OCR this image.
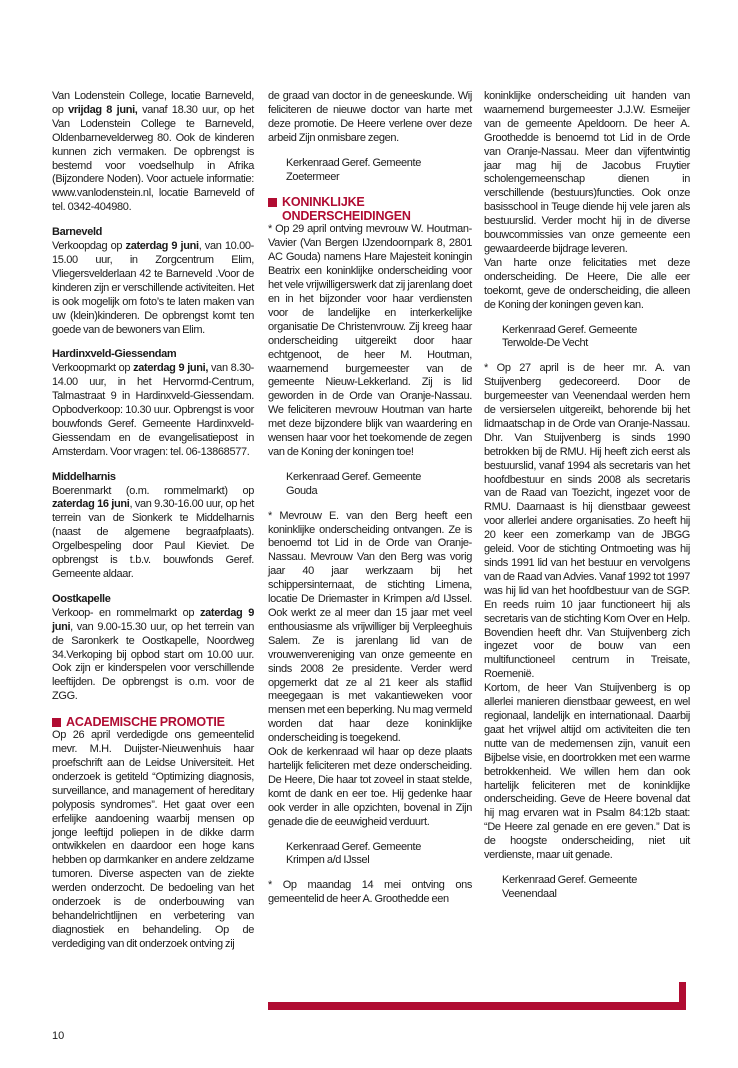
Van Lodenstein College, locatie Barneveld, op vrijdag 8 juni, vanaf 18.30 uur, op het Van Lodenstein College te Barneveld, Oldenbarnevelderweg 80. Ook de kinderen kunnen zich vermaken. De opbrengst is bestemd voor voedselhulp in Afrika (Bijzondere Noden). Voor actuele informatie: www.vanlodenstein.nl, locatie Barneveld of tel. 0342-404980.

Barneveld

Verkoopdag op zaterdag 9 juni, van 10.00-15.00 uur, in Zorgcentrum Elim, Vliegersvelderlaan 42 te Barneveld .Voor de kinderen zijn er verschillende activiteiten. Het is ook mogelijk om foto’s te laten maken van uw (klein)kinderen. De opbrengst komt ten goede van de bewoners van Elim.

Hardinxveld-Giessendam

Verkoopmarkt op zaterdag 9 juni, van 8.30-14.00 uur, in het Hervormd-Centrum, Talmastraat 9 in Hardinxveld-Giessendam. Opbodverkoop: 10.30 uur. Opbrengst is voor bouwfonds Geref. Gemeente Hardinxveld-Giessendam en de evangelisatiepost in Amsterdam. Voor vragen: tel. 06-13868577.

Middelharnis

Boerenmarkt (o.m. rommelmarkt) op zaterdag 16 juni, van 9.30-16.00 uur, op het terrein van de Sionkerk te Middelharnis (naast de algemene begraafplaats). Orgelbespeling door Paul Kieviet. De opbrengst is t.b.v. bouwfonds Geref. Gemeente aldaar.

Oostkapelle

Verkoop- en rommelmarkt op zaterdag 9 juni, van 9.00-15.30 uur, op het terrein van de Saronkerk te Oostkapelle, Noordweg 34.Verkoping bij opbod start om 10.00 uur. Ook zijn er kinderspelen voor verschillende leeftijden. De opbrengst is o.m. voor de ZGG.

ACADEMISCHE PROMOTIE

Op 26 april verdedigde ons gemeentelid mevr. M.H. Duijster-Nieuwenhuis haar proefschrift aan de Leidse Universiteit. Het onderzoek is getiteld “Optimizing diagnosis, surveillance, and management of hereditary polyposis syndromes”. Het gaat over een erfelijke aandoening waarbij mensen op jonge leeftijd poliepen in de dikke darm ontwikkelen en daardoor een hoge kans hebben op darmkanker en andere zeldzame tumoren. Diverse aspecten van de ziekte werden onderzocht. De bedoeling van het onderzoek is de onderbouwing van behandelrichtlijnen en verbetering van diagnostiek en behandeling. Op de verdediging van dit onderzoek ontving zij

de graad van doctor in de geneeskunde. Wij feliciteren de nieuwe doctor van harte met deze promotie. De Heere verlene over deze arbeid Zijn onmisbare zegen.

Kerkenraad Geref. Gemeente
Zoetermeer

KONINKLIJKE
ONDERSCHEIDINGEN

* Op 29 april ontving mevrouw W. Houtman-Vavier (Van Bergen IJzendoornpark 8, 2801 AC Gouda) namens Hare Majesteit koningin Beatrix een koninklijke onderscheiding voor het vele vrijwilligerswerk dat zij jarenlang doet en in het bijzonder voor haar verdiensten voor de landelijke en interkerkelijke organisatie De Christenvrouw. Zij kreeg haar onderscheiding uitgereikt door haar echtgenoot, de heer M. Houtman, waarnemend burgemeester van de gemeente Nieuw-Lekkerland. Zij is lid geworden in de Orde van Oranje-Nassau. We feliciteren mevrouw Houtman van harte met deze bijzondere blijk van waardering en wensen haar voor het toekomende de zegen van de Koning der koningen toe!

Kerkenraad Geref. Gemeente
Gouda

* Mevrouw E. van den Berg heeft een koninklijke onderscheiding ontvangen. Ze is benoemd tot Lid in de Orde van Oranje-Nassau. Mevrouw Van den Berg was vorig jaar 40 jaar werkzaam bij het schippersinternaat, de stichting Limena, locatie De Driemaster in Krimpen a/d IJssel. Ook werkt ze al meer dan 15 jaar met veel enthousiasme als vrijwilliger bij Verpleeghuis Salem. Ze is jarenlang lid van de vrouwenvereniging van onze gemeente en sinds 2008 2e presidente. Verder werd opgemerkt dat ze al 21 keer als staflid meegegaan is met vakantieweken voor mensen met een beperking. Nu mag vermeld worden dat haar deze koninklijke onderscheiding is toegekend.

Ook de kerkenraad wil haar op deze plaats hartelijk feliciteren met deze onderscheiding. De Heere, Die haar tot zoveel in staat stelde, komt de dank en eer toe. Hij gedenke haar ook verder in alle opzichten, bovenal in Zijn genade die de eeuwigheid verduurt.

Kerkenraad Geref. Gemeente
Krimpen a/d IJssel

* Op maandag 14 mei ontving ons gemeentelid de heer A. Groothedde een

koninklijke onderscheiding uit handen van waarnemend burgemeester J.J.W. Esmeijer van de gemeente Apeldoorn. De heer A. Groothedde is benoemd tot Lid in de Orde van Oranje-Nassau. Meer dan vijfentwintig jaar mag hij de Jacobus Fruytier scholengemeenschap dienen in verschillende (bestuurs)functies. Ook onze basisschool in Teuge diende hij vele jaren als bestuurslid. Verder mocht hij in de diverse bouwcommissies van onze gemeente een gewaardeerde bijdrage leveren.

Van harte onze felicitaties met deze onderscheiding. De Heere, Die alle eer toekomt, geve de onderscheiding, die alleen de Koning der koningen geven kan.

Kerkenraad Geref. Gemeente
Terwolde-De Vecht

* Op 27 april is de heer mr. A. van Stuijvenberg gedecoreerd. Door de burgemeester van Veenendaal werden hem de versierselen uitgereikt, behorende bij het lidmaatschap in de Orde van Oranje-Nassau. Dhr. Van Stuijvenberg is sinds 1990 betrokken bij de RMU. Hij heeft zich eerst als bestuurslid, vanaf 1994 als secretaris van het hoofdbestuur en sinds 2008 als secretaris van de Raad van Toezicht, ingezet voor de RMU. Daarnaast is hij dienstbaar geweest voor allerlei andere organisaties. Zo heeft hij 20 keer een zomerkamp van de JBGG geleid. Voor de stichting Ontmoeting was hij sinds 1991 lid van het bestuur en vervolgens van de Raad van Advies. Vanaf 1992 tot 1997 was hij lid van het hoofdbestuur van de SGP. En reeds ruim 10 jaar functioneert hij als secretaris van de stichting Kom Over en Help. Bovendien heeft dhr. Van Stuijvenberg zich ingezet voor de bouw van een multifunctioneel centrum in Treisate, Roemenië.

Kortom, de heer Van Stuijvenberg is op allerlei manieren dienstbaar geweest, en wel regionaal, landelijk en internationaal. Daarbij gaat het vrijwel altijd om activiteiten die ten nutte van de medemensen zijn, vanuit een Bijbelse visie, en doortrokken met een warme betrokkenheid. We willen hem dan ook hartelijk feliciteren met de koninklijke onderscheiding. Geve de Heere bovenal dat hij mag ervaren wat in Psalm 84:12b staat: “De Heere zal genade en ere geven.” Dat is de hoogste onderscheiding, niet uit verdienste, maar uit genade.

Kerkenraad Geref. Gemeente
Veenendaal

10
